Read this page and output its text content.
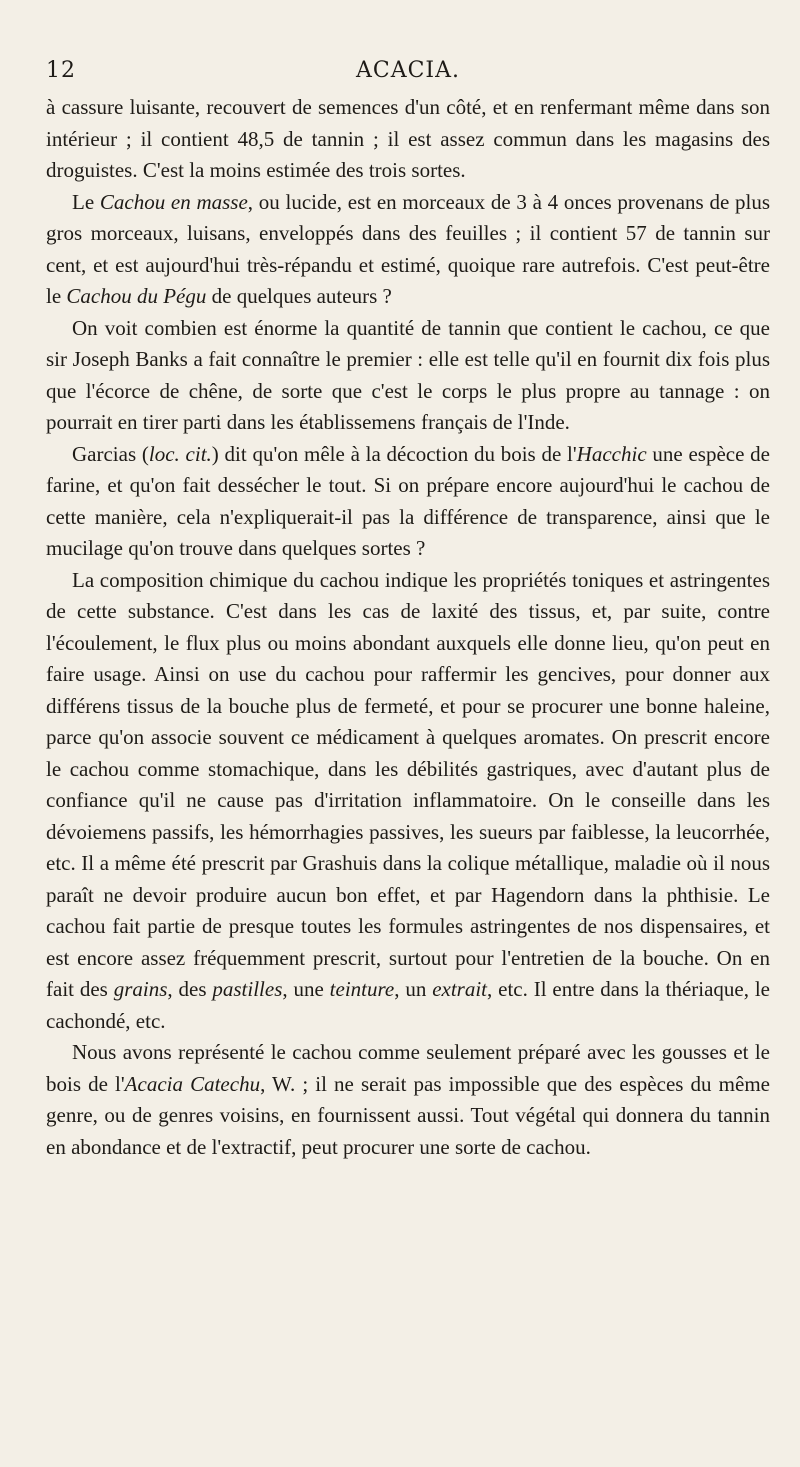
12	ACACIA.

à cassure luisante, recouvert de semences d'un côté, et en renfermant même dans son intérieur ; il contient 48,5 de tannin ; il est assez commun dans les magasins des droguistes. C'est la moins estimée des trois sortes.

Le Cachou en masse, ou lucide, est en morceaux de 3 à 4 onces provenans de plus gros morceaux, luisans, enveloppés dans des feuilles ; il contient 57 de tannin sur cent, et est aujourd'hui très-répandu et estimé, quoique rare autrefois. C'est peut-être le Cachou du Pégu de quelques auteurs ?

On voit combien est énorme la quantité de tannin que contient le cachou, ce que sir Joseph Banks a fait connaître le premier : elle est telle qu'il en fournit dix fois plus que l'écorce de chêne, de sorte que c'est le corps le plus propre au tannage : on pourrait en tirer parti dans les établissemens français de l'Inde.

Garcias (loc. cit.) dit qu'on mêle à la décoction du bois de l'Hacchic une espèce de farine, et qu'on fait dessécher le tout. Si on prépare encore aujourd'hui le cachou de cette manière, cela n'expliquerait-il pas la différence de transparence, ainsi que le mucilage qu'on trouve dans quelques sortes ?

La composition chimique du cachou indique les propriétés toniques et astringentes de cette substance. C'est dans les cas de laxité des tissus, et, par suite, contre l'écoulement, le flux plus ou moins abondant auxquels elle donne lieu, qu'on peut en faire usage. Ainsi on use du cachou pour raffermir les gencives, pour donner aux différens tissus de la bouche plus de fermeté, et pour se procurer une bonne haleine, parce qu'on associe souvent ce médicament à quelques aromates. On prescrit encore le cachou comme stomachique, dans les débilités gastriques, avec d'autant plus de confiance qu'il ne cause pas d'irritation inflammatoire. On le conseille dans les dévoiemens passifs, les hémorrhagies passives, les sueurs par faiblesse, la leucorrhée, etc. Il a même été prescrit par Grashuis dans la colique métallique, maladie où il nous paraît ne devoir produire aucun bon effet, et par Hagendorn dans la phthisie. Le cachou fait partie de presque toutes les formules astringentes de nos dispensaires, et est encore assez fréquemment prescrit, surtout pour l'entretien de la bouche. On en fait des grains, des pastilles, une teinture, un extrait, etc. Il entre dans la thériaque, le cachondé, etc.

Nous avons représenté le cachou comme seulement préparé avec les gousses et le bois de l'Acacia Catechu, W. ; il ne serait pas impossible que des espèces du même genre, ou de genres voisins, en fournissent aussi. Tout végétal qui donnera du tannin en abondance et de l'extractif, peut procurer une sorte de cachou.
